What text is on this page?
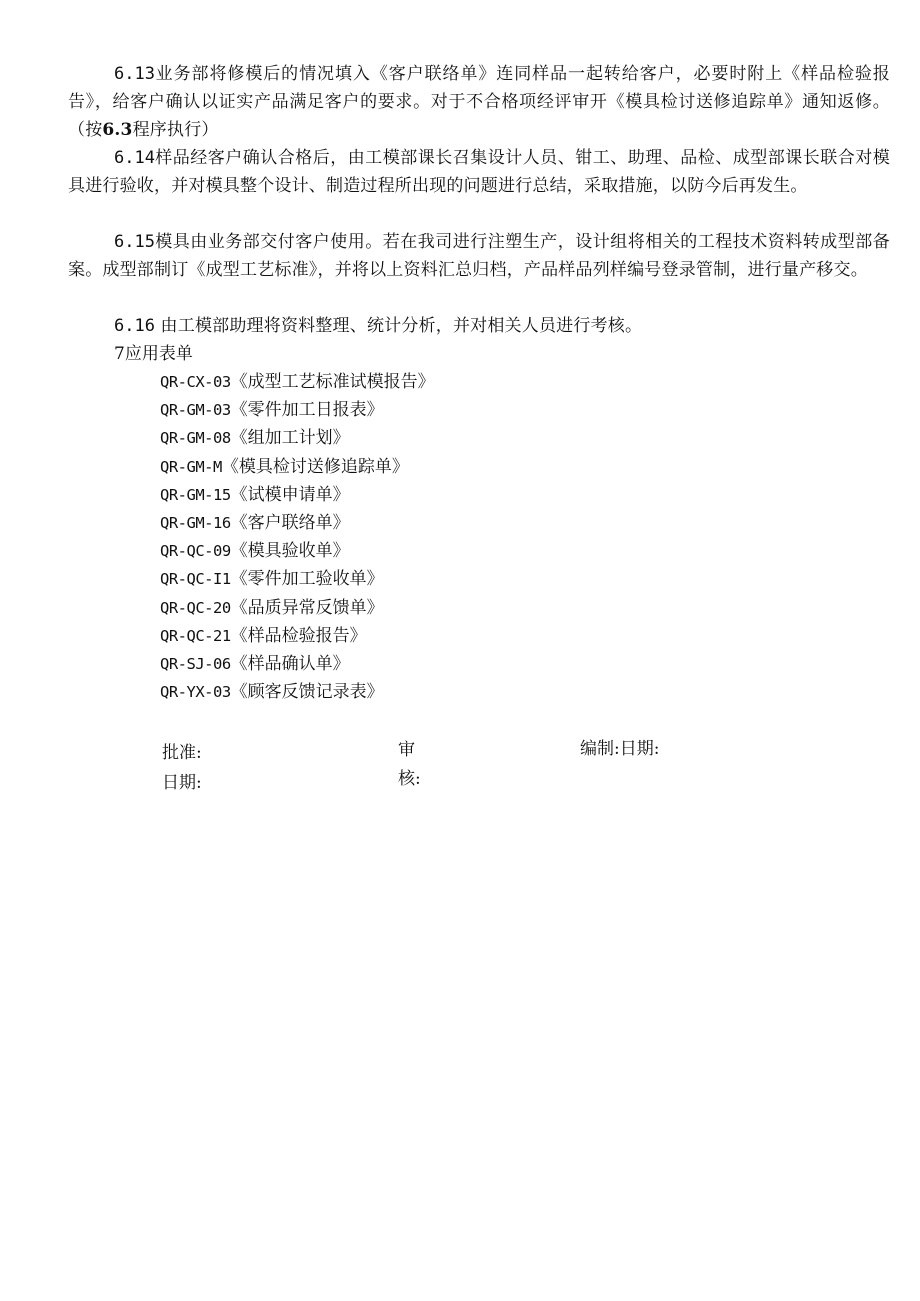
6.13业务部将修模后的情况填入《客户联络单》连同样品一起转给客户，必要时附上《样品检验报告》，给客户确认以证实产品满足客户的要求。对于不合格项经评审开《模具检讨送修追踪单》通知返修。（按6.3程序执行）

6.14样品经客户确认合格后，由工模部课长召集设计人员、钳工、助理、品检、成型部课长联合对模具进行验收，并对模具整个设计、制造过程所出现的问题进行总结，采取措施，以防今后再发生。

6.15模具由业务部交付客户使用。若在我司进行注塑生产，设计组将相关的工程技术资料转成型部备案。成型部制订《成型工艺标准》，并将以上资料汇总归档，产品样品列样编号登录管制，进行量产移交。

6.16 由工模部助理将资料整理、统计分析，并对相关人员进行考核。

7应用表单

QR-CX-03《成型工艺标准试模报告》
QR-GM-03《零件加工日报表》
QR-GM-08《组加工计划》
QR-GM-M《模具检讨送修追踪单》
QR-GM-15《试模申请单》
QR-GM-16《客户联络单》
QR-QC-09《模具验收单》
QR-QC-I1《零件加工验收单》
QR-QC-20《品质异常反馈单》
QR-QC-21《样品检验报告》
QR-SJ-06《样品确认单》
QR-YX-03《顾客反馈记录表》
批准:
日期:
审
核:
编制:日期:
